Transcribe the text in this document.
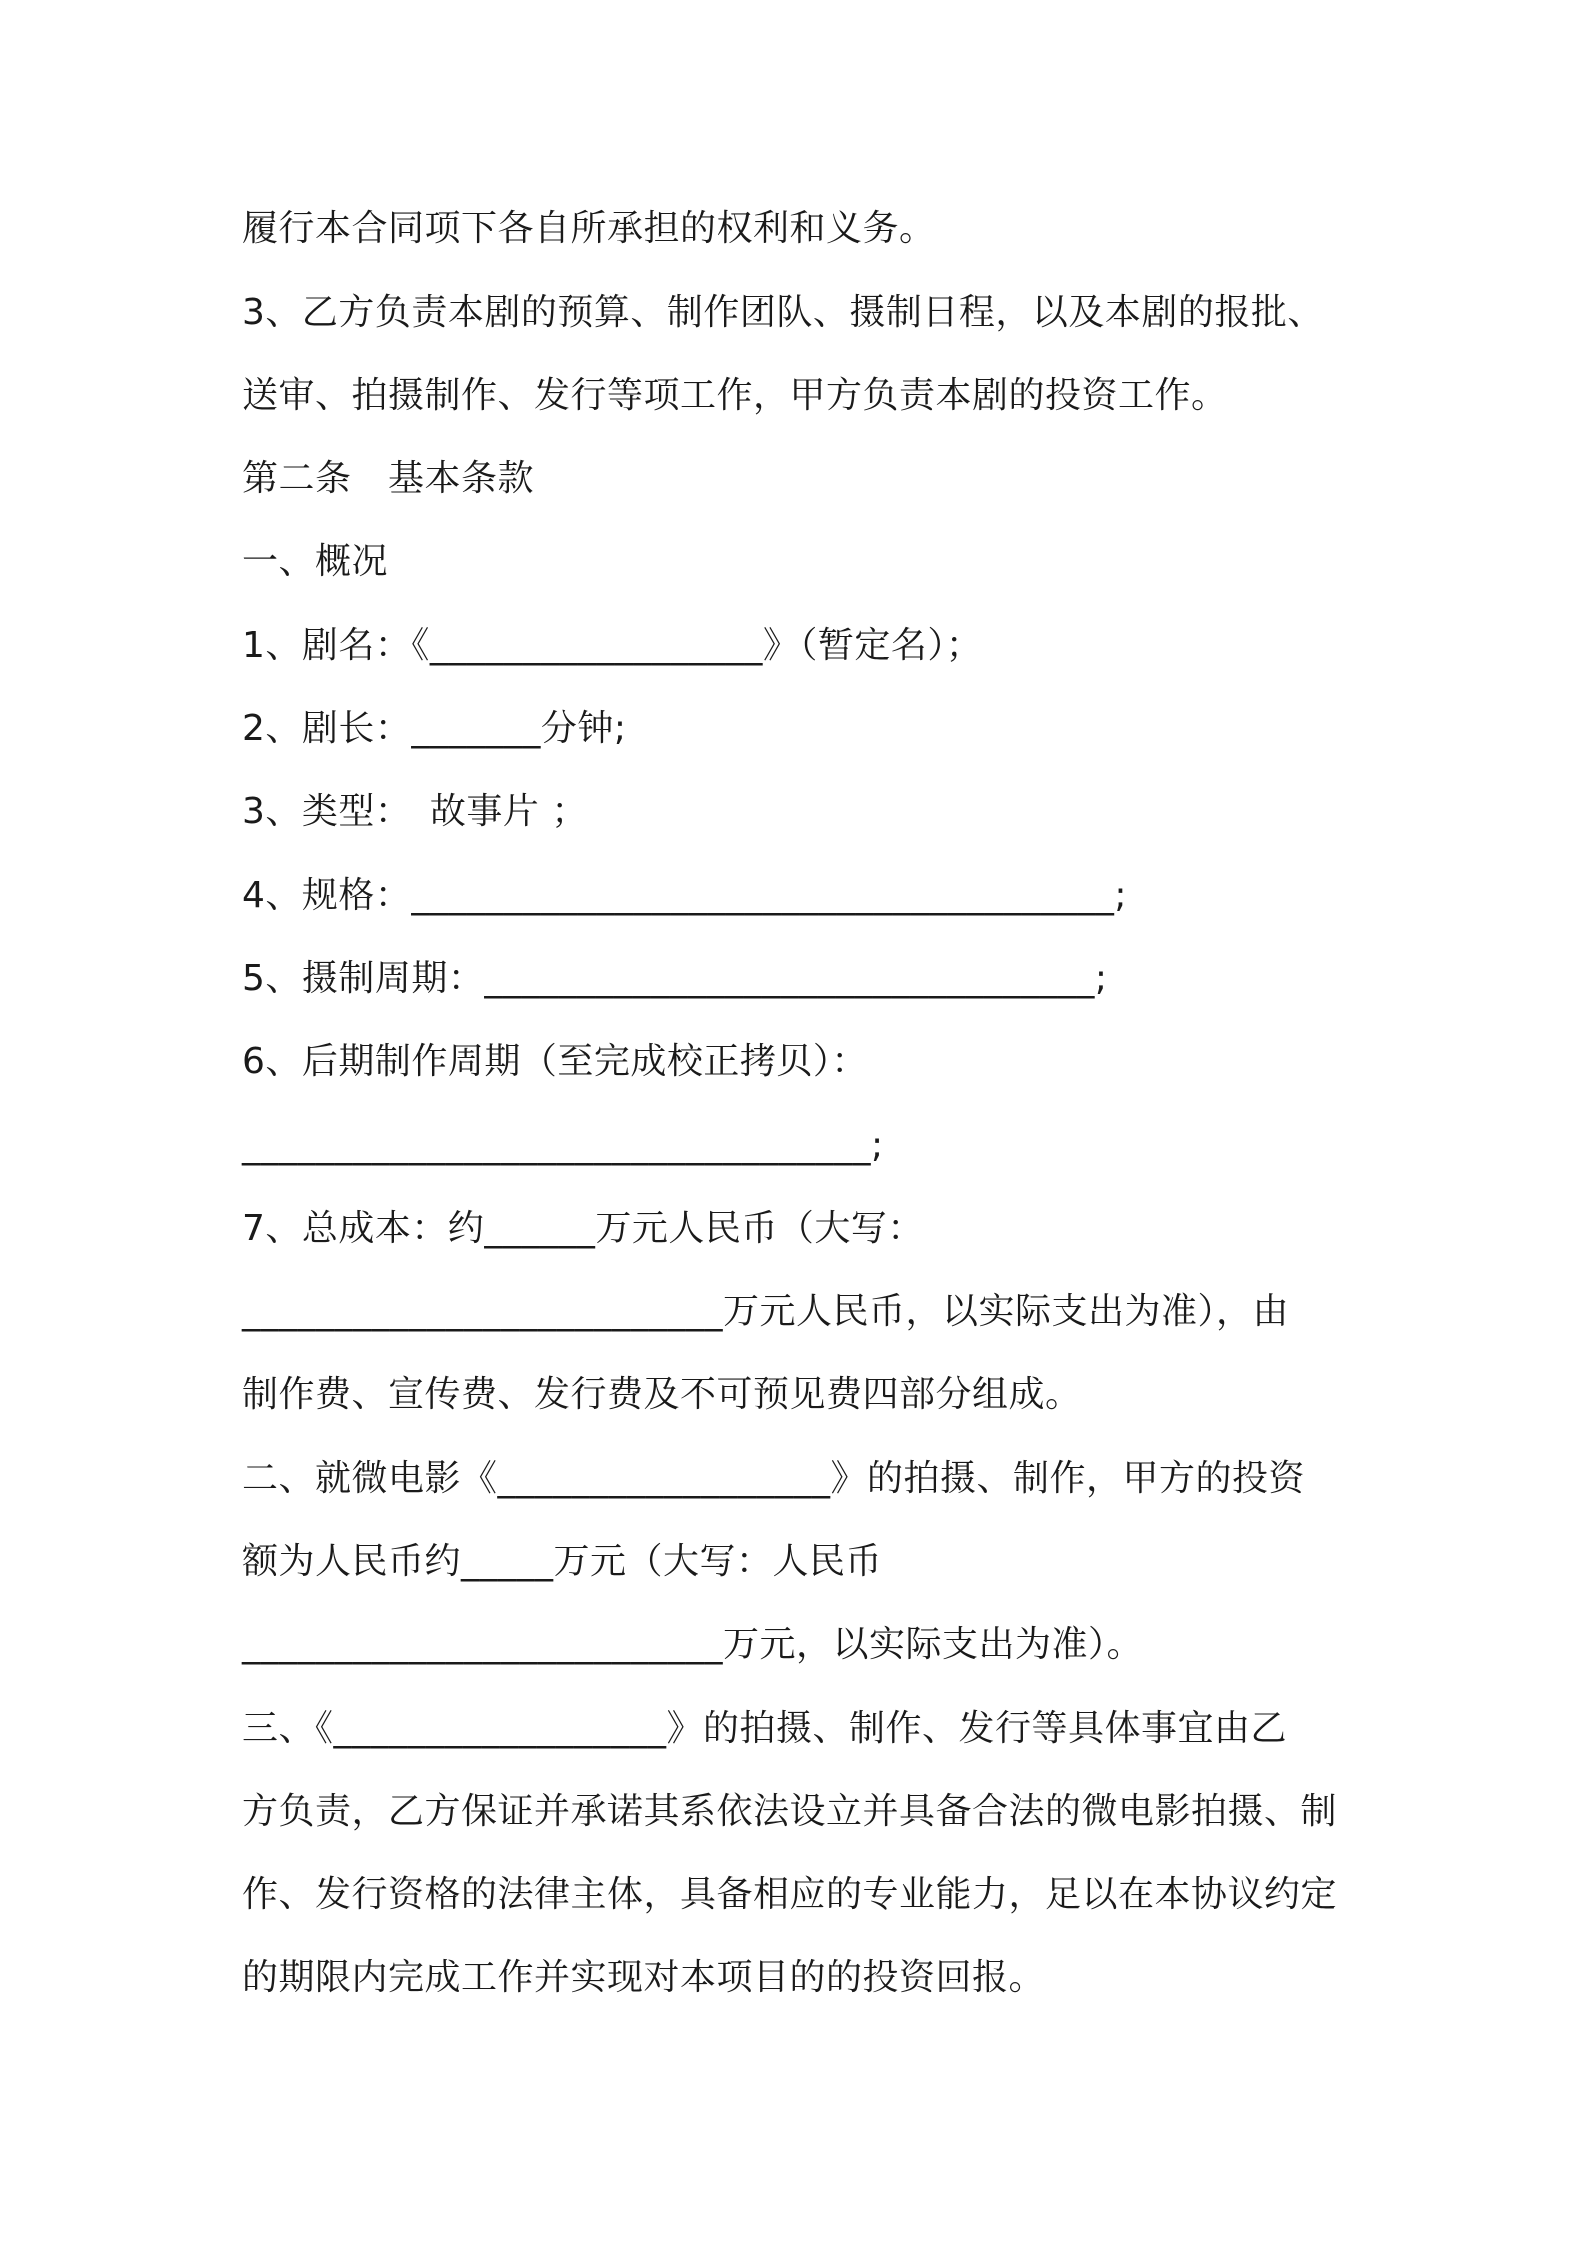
履行本合同项下各自所承担的权利和义务。
3、乙方负责本剧的预算、制作团队、摄制日程，以及本剧的报批、
送审、拍摄制作、发行等项工作，甲方负责本剧的投资工作。
第二条　基本条款
一、概况
1、剧名：《__________________》（暂定名）；
2、剧长：_______分钟;
3、类型：　故事片 ；
4、规格：______________________________________;
5、摄制周期：_________________________________;
6、后期制作周期（至完成校正拷贝）：
__________________________________;
7、总成本：约______万元人民币（大写：
__________________________万元人民币，以实际支出为准），由
制作费、宣传费、发行费及不可预见费四部分组成。
二、就微电影《__________________》的拍摄、制作，甲方的投资
额为人民币约_____万元（大写：人民币
__________________________万元，以实际支出为准）。
三、《__________________》的拍摄、制作、发行等具体事宜由乙
方负责，乙方保证并承诺其系依法设立并具备合法的微电影拍摄、制
作、发行资格的法律主体，具备相应的专业能力，足以在本协议约定
的期限内完成工作并实现对本项目的的投资回报。
